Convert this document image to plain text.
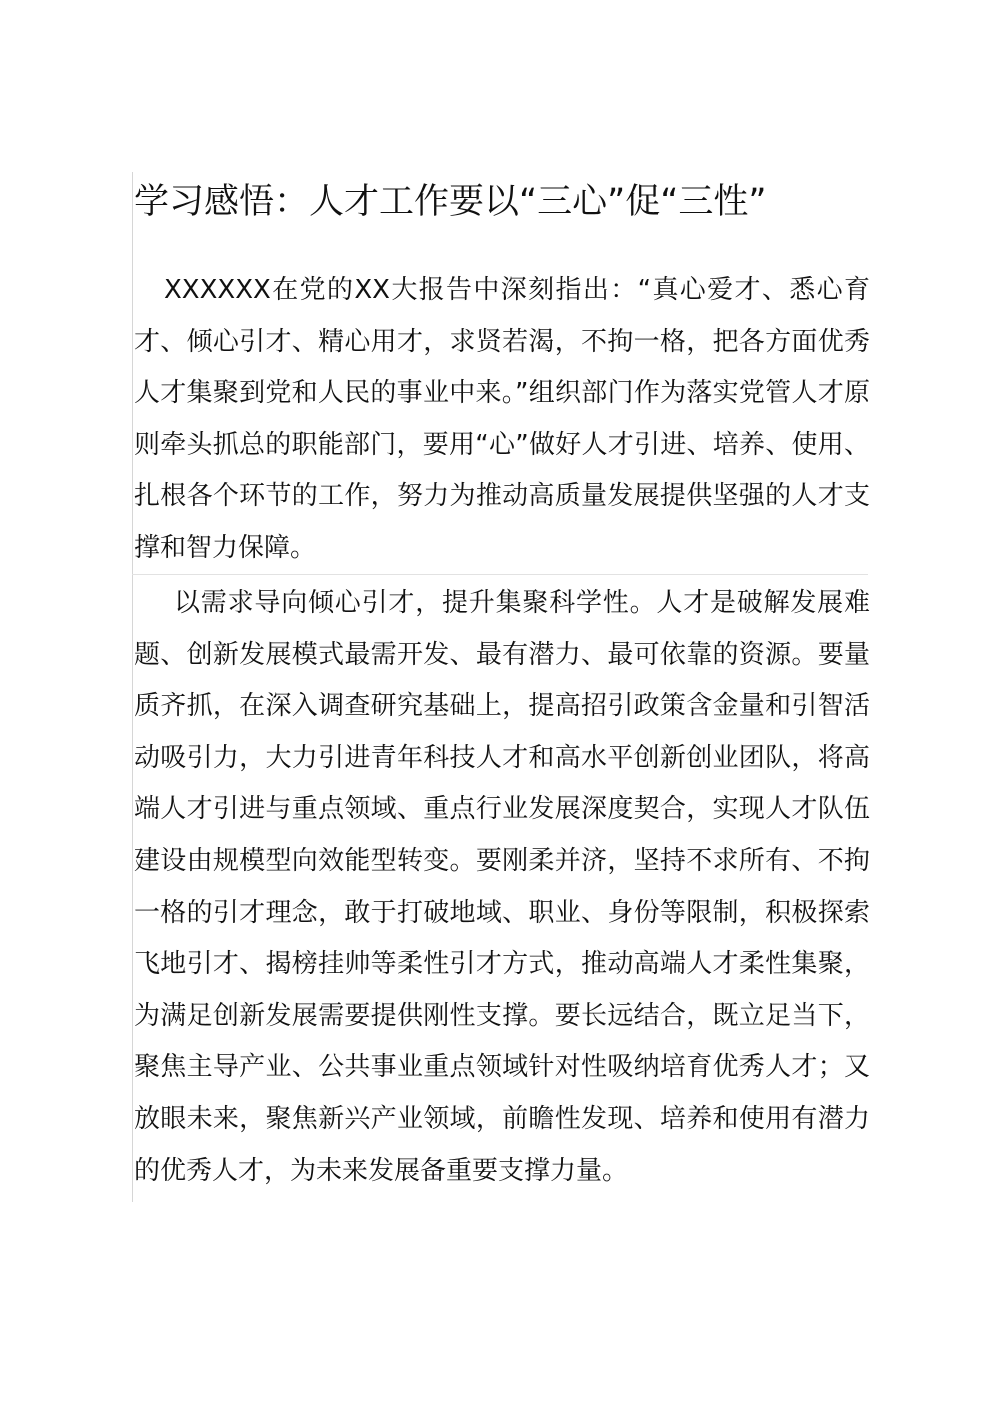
学习感悟：人才工作要以“三心”促“三性”

XXXXXX在党的XX大报告中深刻指出：“真心爱才、悉心育才、倾心引才、精心用才，求贤若渴，不拘一格，把各方面优秀人才集聚到党和人民的事业中来。”组织部门作为落实党管人才原则牵头抓总的职能部门，要用“心”做好人才引进、培养、使用、扎根各个环节的工作，努力为推动高质量发展提供坚强的人才支撑和智力保障。

以需求导向倾心引才，提升集聚科学性。人才是破解发展难题、创新发展模式最需开发、最有潜力、最可依靠的资源。要量质齐抓，在深入调查研究基础上，提高招引政策含金量和引智活动吸引力，大力引进青年科技人才和高水平创新创业团队，将高端人才引进与重点领域、重点行业发展深度契合，实现人才队伍建设由规模型向效能型转变。要刚柔并济，坚持不求所有、不拘一格的引才理念，敢于打破地域、职业、身份等限制，积极探索飞地引才、揭榜挂帅等柔性引才方式，推动高端人才柔性集聚，为满足创新发展需要提供刚性支撑。要长远结合，既立足当下，聚焦主导产业、公共事业重点领域针对性吸纳培育优秀人才；又放眼未来，聚焦新兴产业领域，前瞻性发现、培养和使用有潜力的优秀人才，为未来发展备重要支撑力量。
